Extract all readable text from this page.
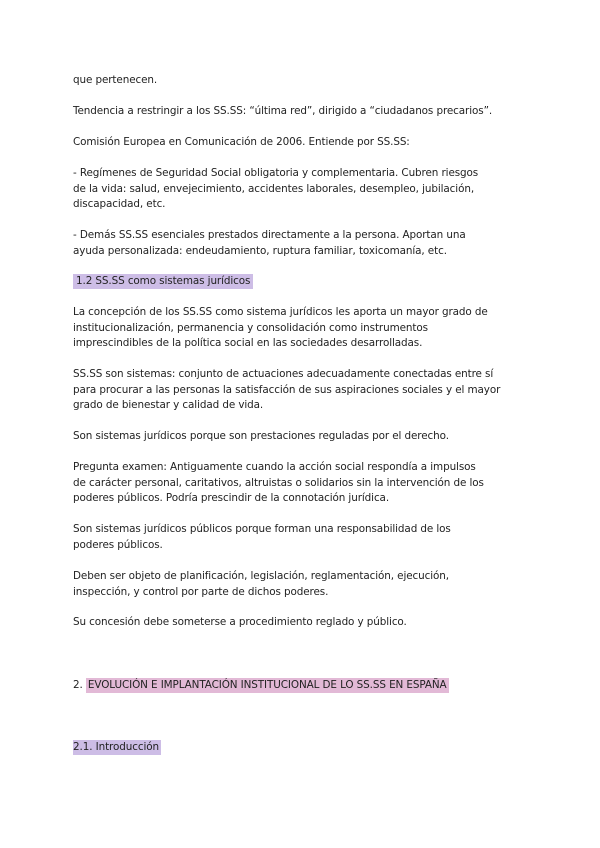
que pertenecen.

Tendencia a restringir a los SS.SS: “última red”, dirigido a “ciudadanos precarios”.

Comisión Europea en Comunicación de 2006. Entiende por SS.SS:

- Regímenes de Seguridad Social obligatoria y complementaria. Cubren riesgos
de la vida: salud, envejecimiento, accidentes laborales, desempleo, jubilación,
discapacidad, etc.

- Demás SS.SS esenciales prestados directamente a la persona. Aportan una
ayuda personalizada: endeudamiento, ruptura familiar, toxicomanía, etc.

1.2 SS.SS como sistemas jurídicos

La concepción de los SS.SS como sistema jurídicos les aporta un mayor grado de
institucionalización, permanencia y consolidación como instrumentos
imprescindibles de la política social en las sociedades desarrolladas.

SS.SS son sistemas: conjunto de actuaciones adecuadamente conectadas entre sí
para procurar a las personas la satisfacción de sus aspiraciones sociales y el mayor
grado de bienestar y calidad de vida.

Son sistemas jurídicos porque son prestaciones reguladas por el derecho.

Pregunta examen: Antiguamente cuando la acción social respondía a impulsos
de carácter personal, caritativos, altruistas o solidarios sin la intervención de los
poderes públicos. Podría prescindir de la connotación jurídica.

Son sistemas jurídicos públicos porque forman una responsabilidad de los
poderes públicos.

Deben ser objeto de planificación, legislación, reglamentación, ejecución,
inspección, y control por parte de dichos poderes.

Su concesión debe someterse a procedimiento reglado y público.

2. EVOLUCIÓN E IMPLANTACIÓN INSTITUCIONAL DE LO SS.SS EN ESPAÑA

2.1. Introducción
